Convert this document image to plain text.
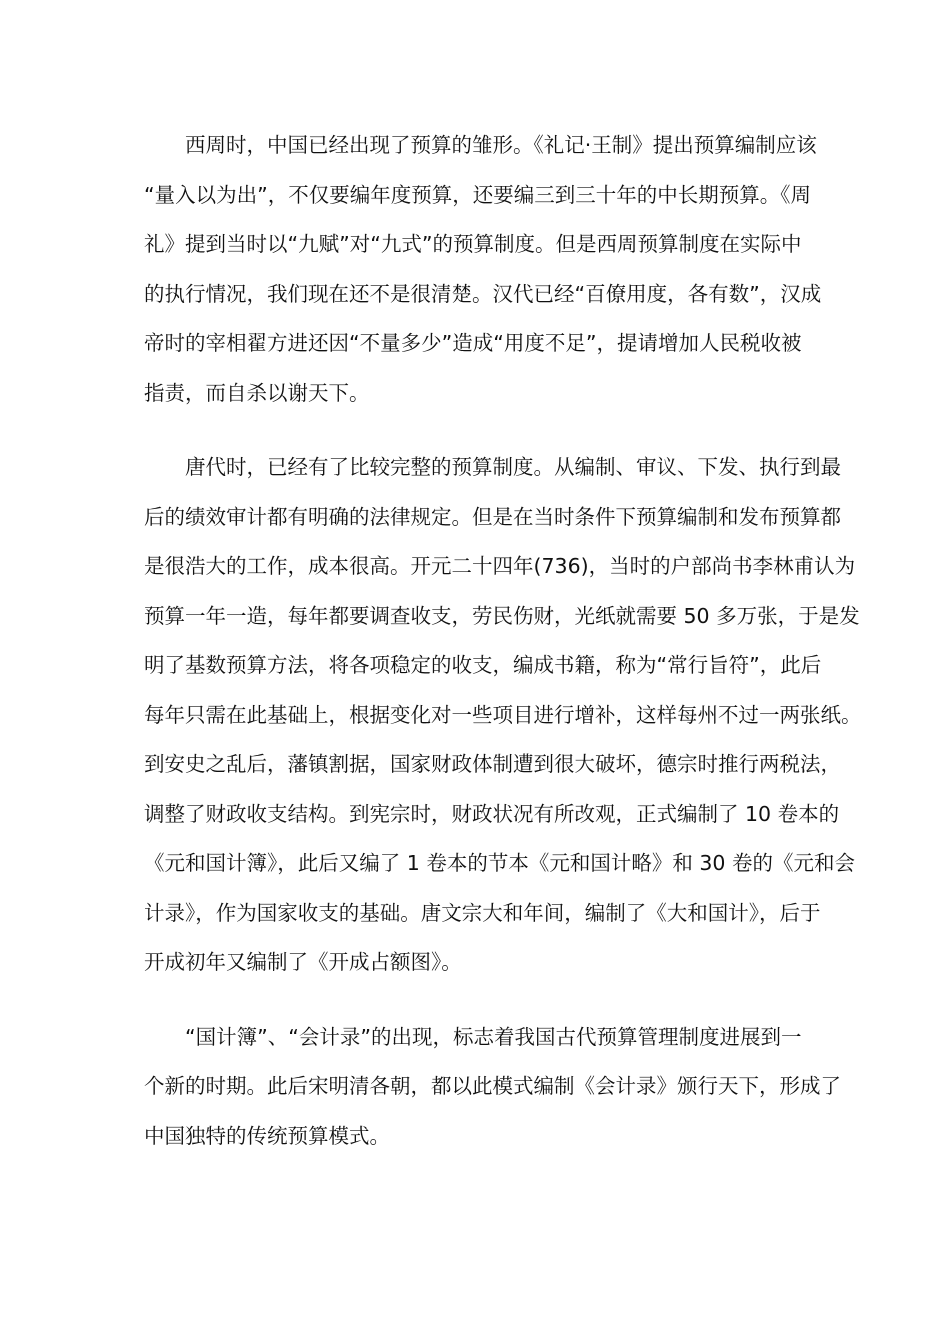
西周时，中国已经出现了预算的雏形。《礼记·王制》提出预算编制应该
“量入以为出”，不仅要编年度预算，还要编三到三十年的中长期预算。《周
礼》提到当时以“九赋”对“九式”的预算制度。但是西周预算制度在实际中
的执行情况，我们现在还不是很清楚。汉代已经“百僚用度，各有数”，汉成
帝时的宰相翟方进还因“不量多少”造成“用度不足”，提请增加人民税收被
指责，而自杀以谢天下。

唐代时，已经有了比较完整的预算制度。从编制、审议、下发、执行到最
后的绩效审计都有明确的法律规定。但是在当时条件下预算编制和发布预算都
是很浩大的工作，成本很高。开元二十四年(736)，当时的户部尚书李林甫认为
预算一年一造，每年都要调查收支，劳民伤财，光纸就需要 50 多万张，于是发
明了基数预算方法，将各项稳定的收支，编成书籍，称为“常行旨符”，此后
每年只需在此基础上，根据变化对一些项目进行增补，这样每州不过一两张纸。
到安史之乱后，藩镇割据，国家财政体制遭到很大破坏，德宗时推行两税法，
调整了财政收支结构。到宪宗时，财政状况有所改观，正式编制了 10 卷本的
《元和国计簿》，此后又编了 1 卷本的节本《元和国计略》和 30 卷的《元和会
计录》，作为国家收支的基础。唐文宗大和年间，编制了《大和国计》，后于
开成初年又编制了《开成占额图》。

“国计簿”、“会计录”的出现，标志着我国古代预算管理制度进展到一
个新的时期。此后宋明清各朝，都以此模式编制《会计录》颁行天下，形成了
中国独特的传统预算模式。
